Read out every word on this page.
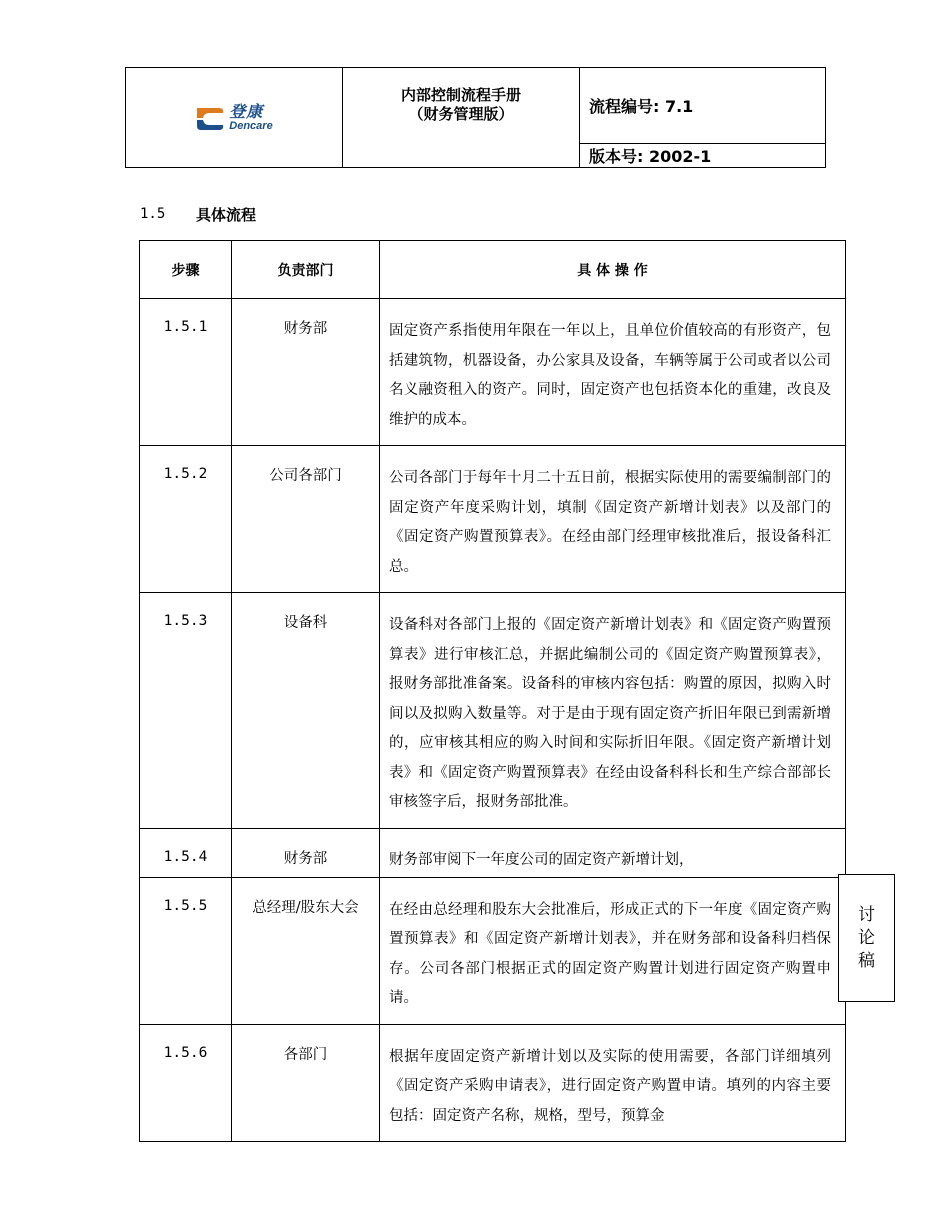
登康
Dencare

内部控制流程手册
（财务管理版）	流程编号: 7.1
版本号: 2002-1
1.5	具体流程
步骤	负责部门	具 体 操 作
1.5.1	财务部	固定资产系指使用年限在一年以上，且单位价值较高的有形资产，包括建筑物，机器设备，办公家具及设备，车辆等属于公司或者以公司名义融资租入的资产。同时，固定资产也包括资本化的重建，改良及维护的成本。
1.5.2	公司各部门	公司各部门于每年十月二十五日前，根据实际使用的需要编制部门的固定资产年度采购计划，填制《固定资产新增计划表》以及部门的《固定资产购置预算表》。在经由部门经理审核批准后，报设备科汇总。
1.5.3	设备科	设备科对各部门上报的《固定资产新增计划表》和《固定资产购置预算表》进行审核汇总，并据此编制公司的《固定资产购置预算表》，报财务部批准备案。设备科的审核内容包括：购置的原因，拟购入时间以及拟购入数量等。对于是由于现有固定资产折旧年限已到需新增的，应审核其相应的购入时间和实际折旧年限。《固定资产新增计划表》和《固定资产购置预算表》在经由设备科科长和生产综合部部长审核签字后，报财务部批准。
1.5.4	财务部	财务部审阅下一年度公司的固定资产新增计划，
1.5.5	总经理/股东大会	在经由总经理和股东大会批准后，形成正式的下一年度《固定资产购置预算表》和《固定资产新增计划表》，并在财务部和设备科归档保存。公司各部门根据正式的固定资产购置计划进行固定资产购置申请。
1.5.6	各部门	根据年度固定资产新增计划以及实际的使用需要，各部门详细填列《固定资产采购申请表》，进行固定资产购置申请。填列的内容主要包括：固定资产名称，规格，型号，预算金
讨
论
稿
